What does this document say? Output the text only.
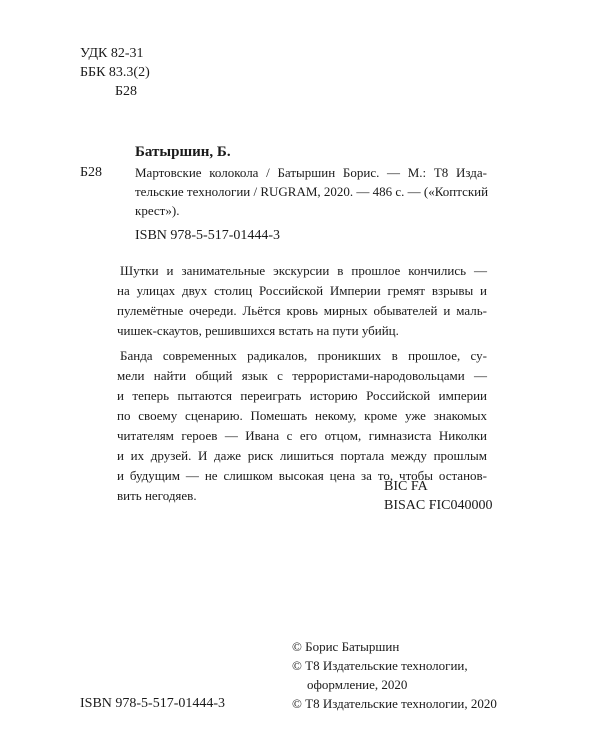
УДК 82-31
ББК 83.3(2)
Б28
Батыршин, Б.
Б28	Мартовские колокола / Батыршин Борис. — М.: Т8 Изда-
тельские технологии / RUGRAM, 2020. — 486 с. — («Коптский
крест»).
ISBN 978-5-517-01444-3
Шутки и занимательные экскурсии в прошлое кончились —
на улицах двух столиц Российской Империи гремят взрывы и
пулемётные очереди. Льётся кровь мирных обывателей и маль-
чишек-скаутов, решившихся встать на пути убийц.
Банда современных радикалов, проникших в прошлое, су-
мели найти общий язык с террористами-народовольцами —
и теперь пытаются переиграть историю Российской империи
по своему сценарию. Помешать некому, кроме уже знакомых
читателям героев — Ивана с его отцом, гимназиста Николки
и их друзей. И даже риск лишиться портала между прошлым
и будущим — не слишком высокая цена за то, чтобы останов-
вить негодяев.
BIC FA
BISAC FIC040000
© Борис Батыршин
© Т8 Издательские технологии,
оформление, 2020
ISBN 978-5-517-01444-3	© Т8 Издательские технологии, 2020
